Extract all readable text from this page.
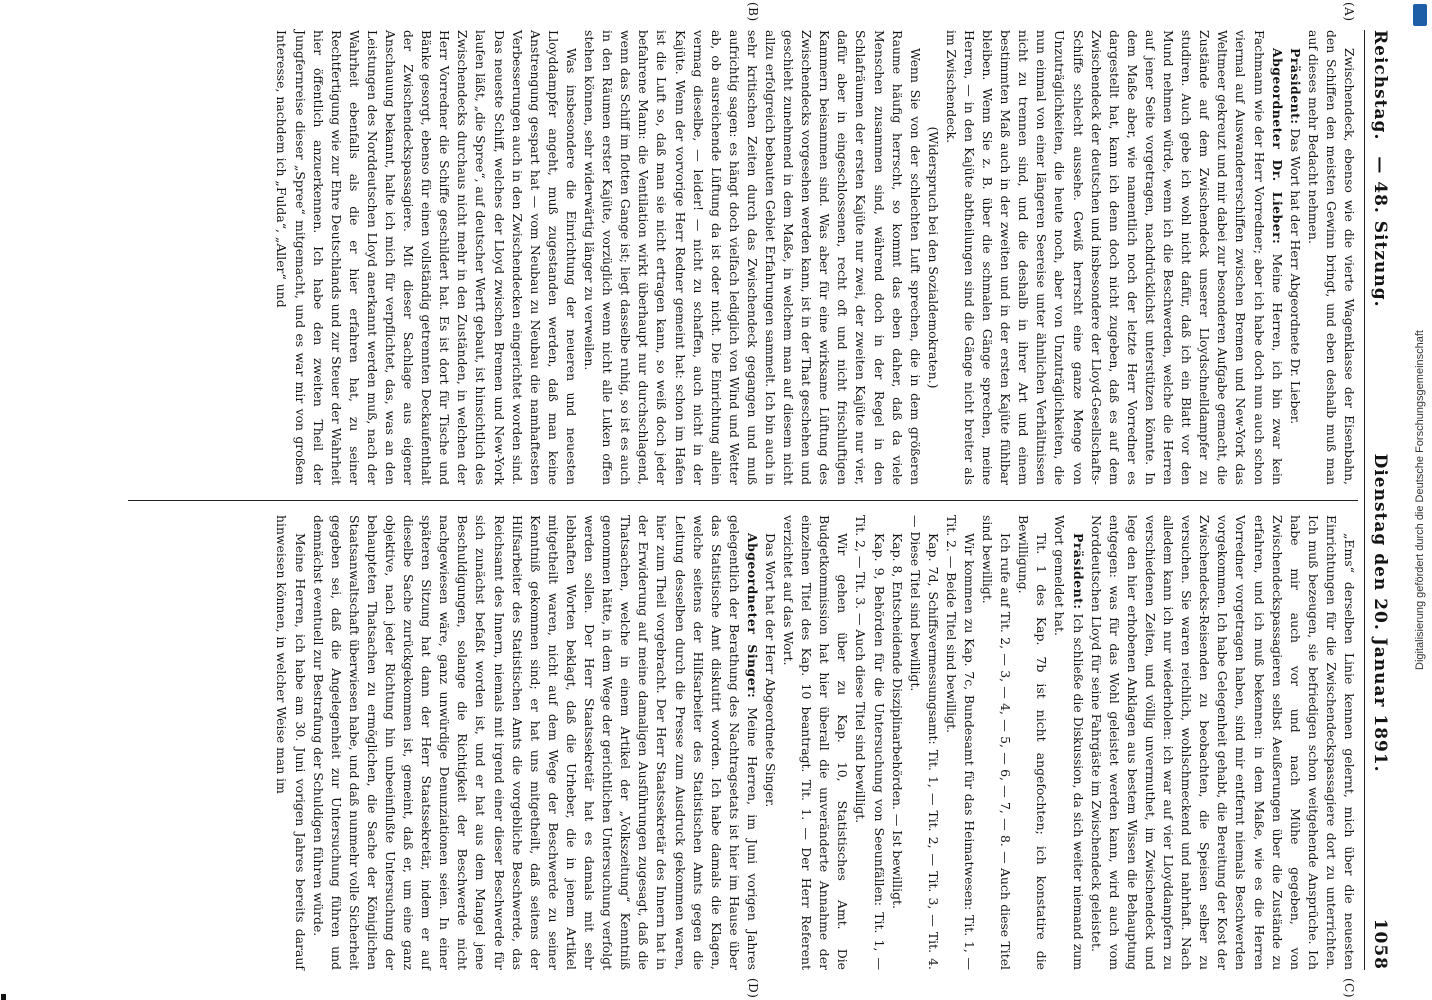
Reichstag.
— 48. Sitzung.
Dienstag den 20. Januar 1891.
1058
(A)
(B)
(C)
(D)

Zwischendeck, ebenso wie die vierte Wagenklasse der Eisenbahn, den Schiffen den meisten Gewinn bringt, und eben deshalb muß man auf dieses mehr Bedacht nehmen.

Präsident: Das Wort hat der Herr Abgeordnete Dr. Lieber.

Abgeordneter Dr. Lieber: Meine Herren, ich bin zwar kein Fachmann wie der Herr Vorredner; aber ich habe doch nun auch schon viermal auf Auswandererschiffen zwischen Bremen und New-York das Weltmeer gekreuzt und mir dabei zur besonderen Aufgabe gemacht, die Zustände auf dem Zwischendeck unserer Lloydschnelldampfer zu studiren. Auch gebe ich wohl nicht dafür, daß ich ein Blatt vor den Mund nehmen würde, wenn ich die Beschwerden, welche die Herren auf jener Seite vorgetragen, nachdrücklichst unterstützen könnte. In dem Maße aber, wie namentlich noch der letzte Herr Vorredner es dargestellt hat, kann ich denn doch nicht zugeben, daß es auf dem Zwischendeck der deutschen und insbesondere der Lloyd-Gesellschafts-Schiffe schlecht aussehe. Gewiß herrscht eine ganze Menge von Unzuträglichkeiten, die heute noch, aber von Unzuträglichkeiten, die nun einmal von einer längeren Seereise unter ähnlichen Verhältnissen nicht zu trennen sind, und die deshalb in ihrer Art und einem bestimmten Maß auch in der zweiten und in der ersten Kajüte fühlbar bleiben. Wenn Sie z. B. über die schmalen Gänge sprechen, meine Herren, — in den Kajüte abtheilungen sind die Gänge nicht breiter als im Zwischendeck.

(Widerspruch bei den Sozialdemokraten.)

Wenn Sie von der schlechten Luft sprechen, die in dem größeren Raume häufig herrscht, so kommt das eben daher, daß da viele Menschen zusammen sind, während doch in der Regel in den Schlafräumen der ersten Kajüte nur zwei, der zweiten Kajüte nur vier, dafür aber in eingeschlossenen, recht oft und nicht frischluftigen Kammern beisammen sind. Was aber für eine wirksame Lüftung des Zwischendecks vorgesehen werden kann, ist in der That geschehen und geschieht zunehmend in dem Maße, in welchem man auf diesem nicht allzu erfolgreich bebauten Gebiet Erfahrungen sammelt. Ich bin auch in sehr kritischen Zeiten durch das Zwischendeck gegangen und muß aufrichtig sagen: es hängt doch vielfach lediglich von Wind und Wetter ab, ob ausreichende Lüftung da ist oder nicht. Die Einrichtung allein vermag dieselbe, — leider! — nicht zu schaffen, auch nicht in der Kajüte. Wenn der vorvorige Herr Redner gemeint hat: schon im Hafen ist die Luft so, daß man sie nicht ertragen kann, so weiß doch jeder befahrene Mann: die Ventilation wirkt überhaupt nur durchschlagend, wenn das Schiff im flotten Gange ist; liegt dasselbe ruhig, so ist es auch in den Räumen erster Kajüte, vorzüglich wenn nicht alle Luken offen stehen können, sehr widerwärtig länger zu verweilen.

Was insbesondere die Einrichtung der neueren und neuesten Lloyddampfer angeht, muß zugestanden werden, daß man keine Anstrengung gespart hat — vom Neubau zu Neubau die namhaftesten Verbesserungen auch in den Zwischendecken eingerichtet worden sind. Das neueste Schiff, welches der Lloyd zwischen Bremen und New-York laufen läßt, „die Spree“, auf deutscher Werft gebaut, ist hinsichtlich des Zwischendecks durchaus nicht mehr in den Zuständen, in welchen der Herr Vorredner die Schiffe geschildert hat. Es ist dort für Tische und Bänke gesorgt, ebenso für einen vollständig getrennten Deckaufenthalt der Zwischendeckspassagiere. Mit dieser Sachlage aus eigener Anschauung bekannt, halte ich mich für verpflichtet, das, was an den Leistungen des Norddeutschen Lloyd anerkannt werden muß, nach der Wahrheit ebenfalls als die er hier erfahren hat, zu seiner Rechtfertigung wie zur Ehre Deutschlands und zur Steuer der Wahrheit hier öffentlich anzuerkennen. Ich habe den zweiten Theil der Jungfernreise dieser „Spree“ mitgemacht, und es war mir von großem Interesse, nachdem ich „Fulda“, „Aller“ und

„Ems“ derselben Linie kennen gelernt, mich über die neuesten Einrichtungen für die Zwischendeckspassagiere dort zu unterrichten. Ich muß bezeugen, sie befriedigen schon weitgehende Ansprüche. Ich habe mir auch vor und nach Mühe gegeben, von Zwischendeckspassagieren selbst Aeußerungen über die Zustände zu erfahren, und ich muß bekennen: in dem Maße, wie es die Herren Vorredner vorgetragen haben, sind mir entfernt niemals Beschwerden vorgekommen. Ich habe Gelegenheit gehabt, die Bereitung der Kost der Zwischendecks-Reisenden zu beobachten, die Speisen selber zu versuchen. Sie waren reichlich, wohlschmeckend und nahrhaft. Nach alledem kann ich nur wiederholen: ich war auf vier Lloyddampfern zu verschiedenen Zeiten, und völlig unvermuthet, im Zwischendeck und lege den hier erhobenen Anklagen aus bestem Wissen die Behauptung entgegen: was für das Wohl geleistet werden kann, wird auch vom Norddeutschen Lloyd für seine Fahrgäste im Zwischendeck geleistet.

Präsident: Ich schließe die Diskussion, da sich weiter niemand zum Wort gemeldet hat.

Tit. 1 des Kap. 7b ist nicht angefochten; ich konstatire die Bewilligung.

Ich rufe auf Tit. 2, — 3, — 4, — 5, — 6, — 7, — 8. — Auch diese Titel sind bewilligt.

Wir kommen zu Kap. 7c, Bundesamt für das Heimatwesen: Tit. 1, — Tit. 2. — Beide Titel sind bewilligt.

Kap. 7d, Schiffsvermessungsamt: Tit. 1, — Tit. 2, — Tit. 3, — Tit. 4. — Diese Titel sind bewilligt.

Kap. 8, Entscheidende Disziplinarbehörden. — Ist bewilligt.

Kap. 9, Behörden für die Untersuchung von Seeunfällen: Tit. 1, — Tit. 2, — Tit. 3. — Auch diese Titel sind bewilligt.

Wir gehen über zu Kap. 10, Statistisches Amt. Die Budgetkommission hat hier überall die unveränderte Annahme der einzelnen Titel des Kap. 10 beantragt. Tit. 1. — Der Herr Referent verzichtet auf das Wort.

Das Wort hat der Herr Abgeordnete Singer.

Abgeordneter Singer: Meine Herren, im Juni vorigen Jahres gelegentlich der Berathung des Nachtragsetats ist hier im Hause über das Statistische Amt diskutirt worden. Ich habe damals die Klagen, welche seitens der Hilfsarbeiter des Statistischen Amts gegen die Leitung desselben durch die Presse zum Ausdruck gekommen waren, hier zum Theil vorgebracht. Der Herr Staatssekretär des Innern hat in der Erwiderung auf meine damaligen Ausführungen zugesagt, daß die Thatsachen, welche in einem Artikel der „Volkszeitung“ Kenntniß genommen hätte, in dem Wege der gerichtlichen Untersuchung verfolgt werden sollen. Der Herr Staatssekretär hat es damals mit sehr lebhaften Worten beklagt, daß die Urheber, die in jenem Artikel mitgetheilt waren, nicht auf dem Wege der Beschwerde zu seiner Kenntniß gekommen sind; er hat uns mitgetheilt, daß seitens der Hilfsarbeiter des Statistischen Amts die vorgebliche Beschwerde, das Reichsamt des Innern, niemals mit irgend einer dieser Beschwerde für sich zunächst befaßt worden ist, und er hat aus dem Mangel jene Beschuldigungen, solange die Richtigkeit der Beschwerde nicht nachgewiesen wäre, ganz unwürdige Denunziationen seien. In einer späteren Sitzung hat dann der Herr Staatssekretär, indem er auf dieselbe Sache zurückgekommen ist, gemeint, daß er, um eine ganz objektive, nach jeder Richtung hin unbeeinflußte Untersuchung der behaupteten Thatsachen zu ermöglichen, die Sache der Königlichen Staatsanwaltschaft überwiesen habe, und daß nunmehr volle Sicherheit gegeben sei, daß die Angelegenheit zur Untersuchung führen und demnächst eventuell zur Bestrafung der Schuldigen führen würde.

Meine Herren, ich habe am 30. Juni vorigen Jahres bereits darauf hinweisen können, in welcher Weise man im	Digitalisierung gefördert durch die Deutsche Forschungsgemeinschaft
